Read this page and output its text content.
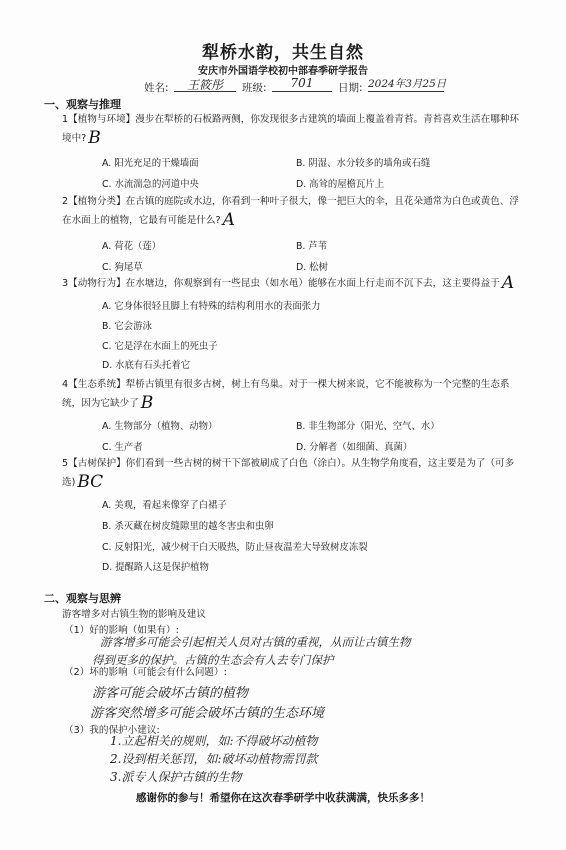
犁桥水韵，共生自然
安庆市外国语学校初中部春季研学报告
姓名:	王筱彤	班级:	701	日期: 2024年3月25日
一、观察与推理
1【植物与环境】漫步在犁桥的石板路两侧，你发现很多古建筑的墙面上覆盖着青苔。青苔喜欢生活在哪种环境中? B
A. 阳光充足的干燥墙面	B. 阴湿、水分较多的墙角或石缝
C. 水流湍急的河道中央	D. 高耸的屋檐瓦片上
2【植物分类】在古镇的庭院或水边，你看到一种叶子很大，像一把巨大的伞，且花朵通常为白色或黄色、浮在水面上的植物，它最有可能是什么? A
A. 荷花（莲）	B. 芦苇
C. 狗尾草	D. 松树
3【动物行为】在水塘边，你观察到有一些昆虫（如水黾）能够在水面上行走而不沉下去，这主要得益于 A
A. 它身体很轻且脚上有特殊的结构利用水的表面张力
B. 它会游泳
C. 它是浮在水面上的死虫子
D. 水底有石头托着它
4【生态系统】犁桥古镇里有很多古树，树上有鸟巢。对于一棵大树来说，它不能被称为一个完整的生态系统，因为它缺少了 B
A. 生物部分（植物、动物）	B. 非生物部分（阳光、空气、水）
C. 生产者	D. 分解者（如细菌、真菌）
5【古树保护】你们看到一些古树的树干下部被刷成了白色（涂白）。从生物学角度看，这主要是为了（可多选) BC
A. 美观，看起来像穿了白裙子
B. 杀灭藏在树皮缝隙里的越冬害虫和虫卵
C. 反射阳光，减少树干白天吸热，防止昼夜温差大导致树皮冻裂
D. 提醒路人这是保护植物
二、观察与思辨
游客增多对古镇生物的影响及建议
（1）好的影响（如果有）:
游客增多可能会引起相关人员对古镇的重视，从而让古镇生物
得到更多的保护。古镇的生态会有人去专门保护
（2）坏的影响（可能会有什么问题）:
游客可能会破坏古镇的植物
游客突然增多可能会破坏古镇的生态环境
（3）我的保护小建议:
1.立起相关的规则，如:不得破坏动植物
2.设到相关惩罚，如:破坏动植物需罚款
3.派专人保护古镇的生物
感谢你的参与！希望你在这次春季研学中收获满满，快乐多多！
